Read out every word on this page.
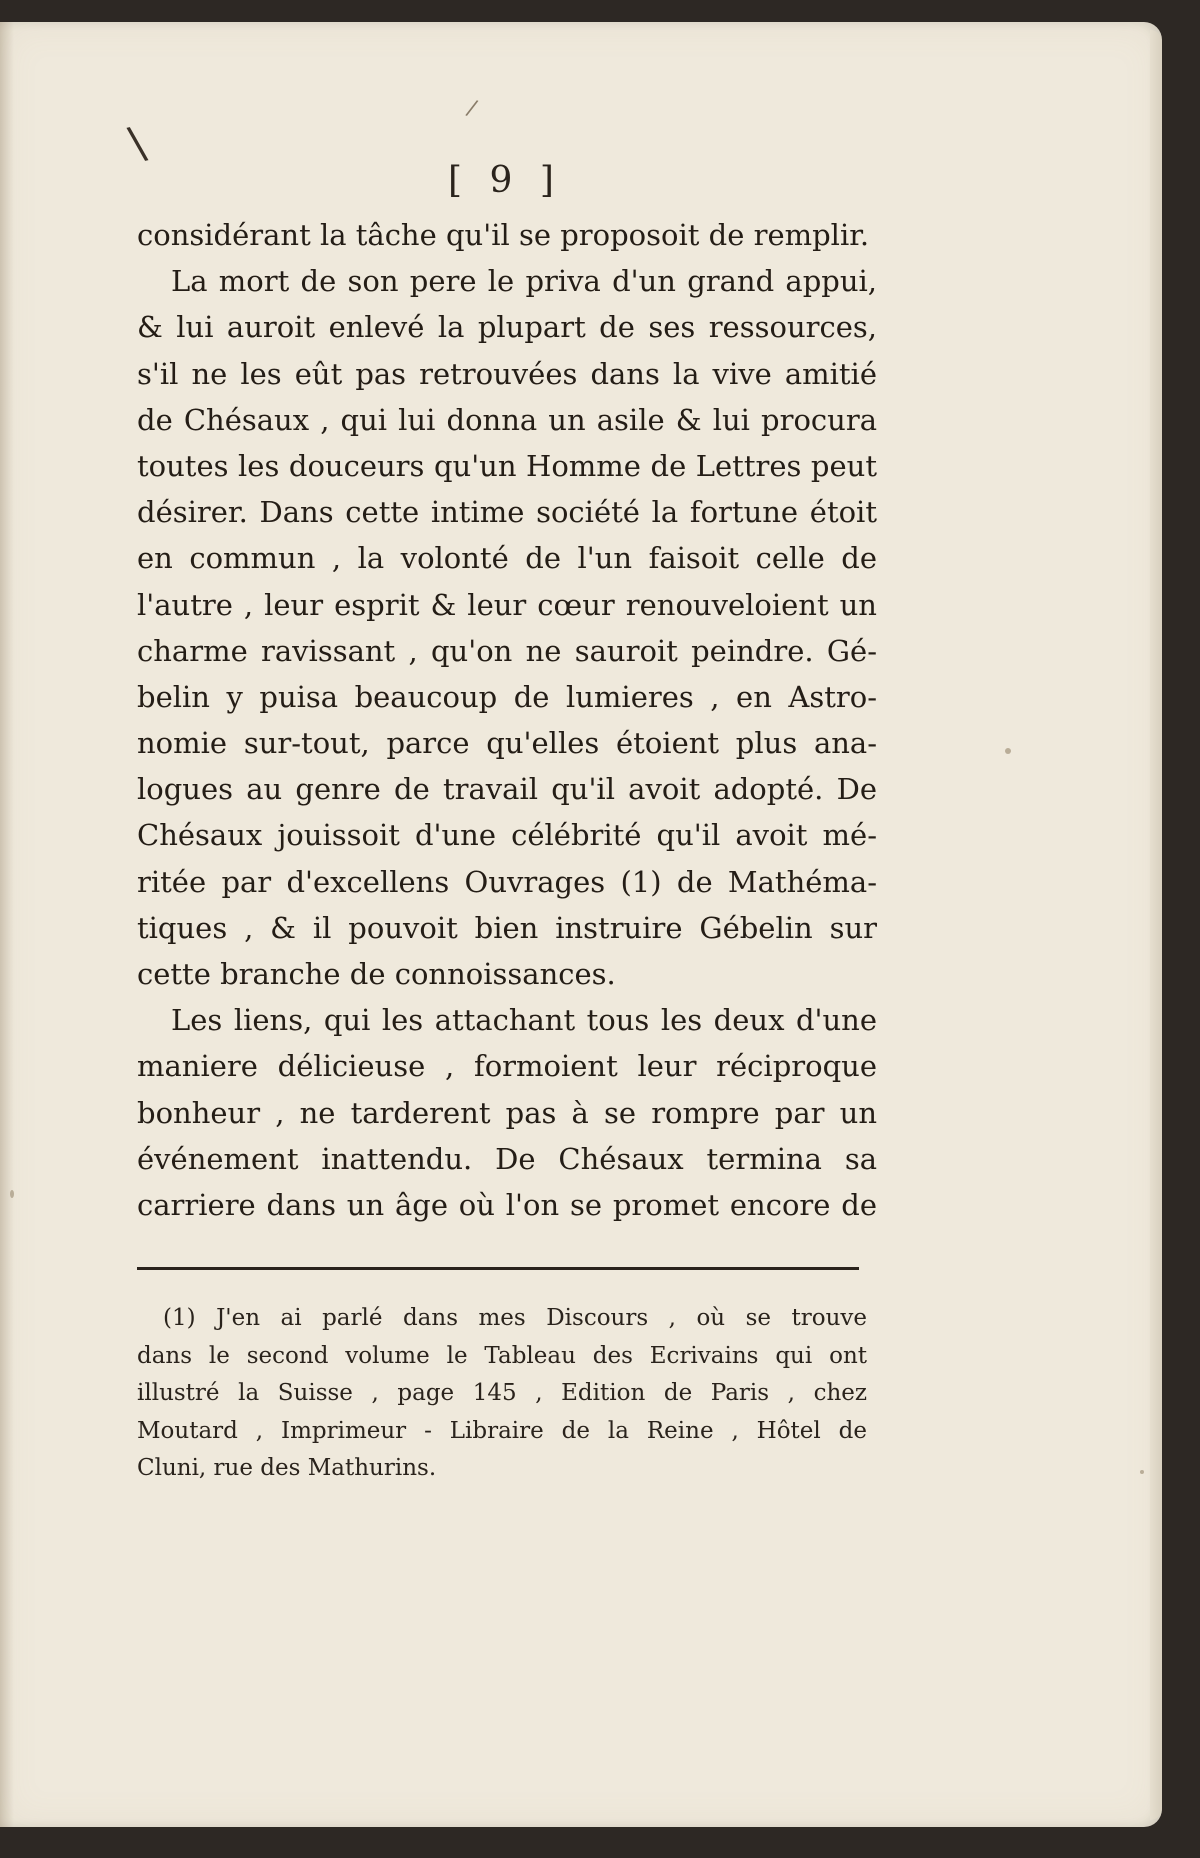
\
/
[ 9 ]
considérant la tâche qu'il se proposoit de remplir.
La mort de son pere le priva d'un grand appui,
& lui auroit enlevé la plupart de ses ressources,
s'il ne les eût pas retrouvées dans la vive amitié
de Chésaux , qui lui donna un asile & lui procura
toutes les douceurs qu'un Homme de Lettres peut
désirer. Dans cette intime société la fortune étoit
en commun , la volonté de l'un faisoit celle de
l'autre , leur esprit & leur cœur renouveloient un
charme ravissant , qu'on ne sauroit peindre. Gé-
belin y puisa beaucoup de lumieres , en Astro-
nomie sur-tout, parce qu'elles étoient plus ana-
logues au genre de travail qu'il avoit adopté. De
Chésaux jouissoit d'une célébrité qu'il avoit mé-
ritée par d'excellens Ouvrages (1) de Mathéma-
tiques , & il pouvoit bien instruire Gébelin sur
cette branche de connoissances.
Les liens, qui les attachant tous les deux d'une
maniere délicieuse , formoient leur réciproque
bonheur , ne tarderent pas à se rompre par un
événement inattendu. De Chésaux termina sa
carriere dans un âge où l'on se promet encore de
(1) J'en ai parlé dans mes Discours , où se trouve
dans le second volume le Tableau des Ecrivains qui ont
illustré la Suisse , page 145 , Edition de Paris , chez
Moutard , Imprimeur - Libraire de la Reine , Hôtel de
Cluni, rue des Mathurins.
